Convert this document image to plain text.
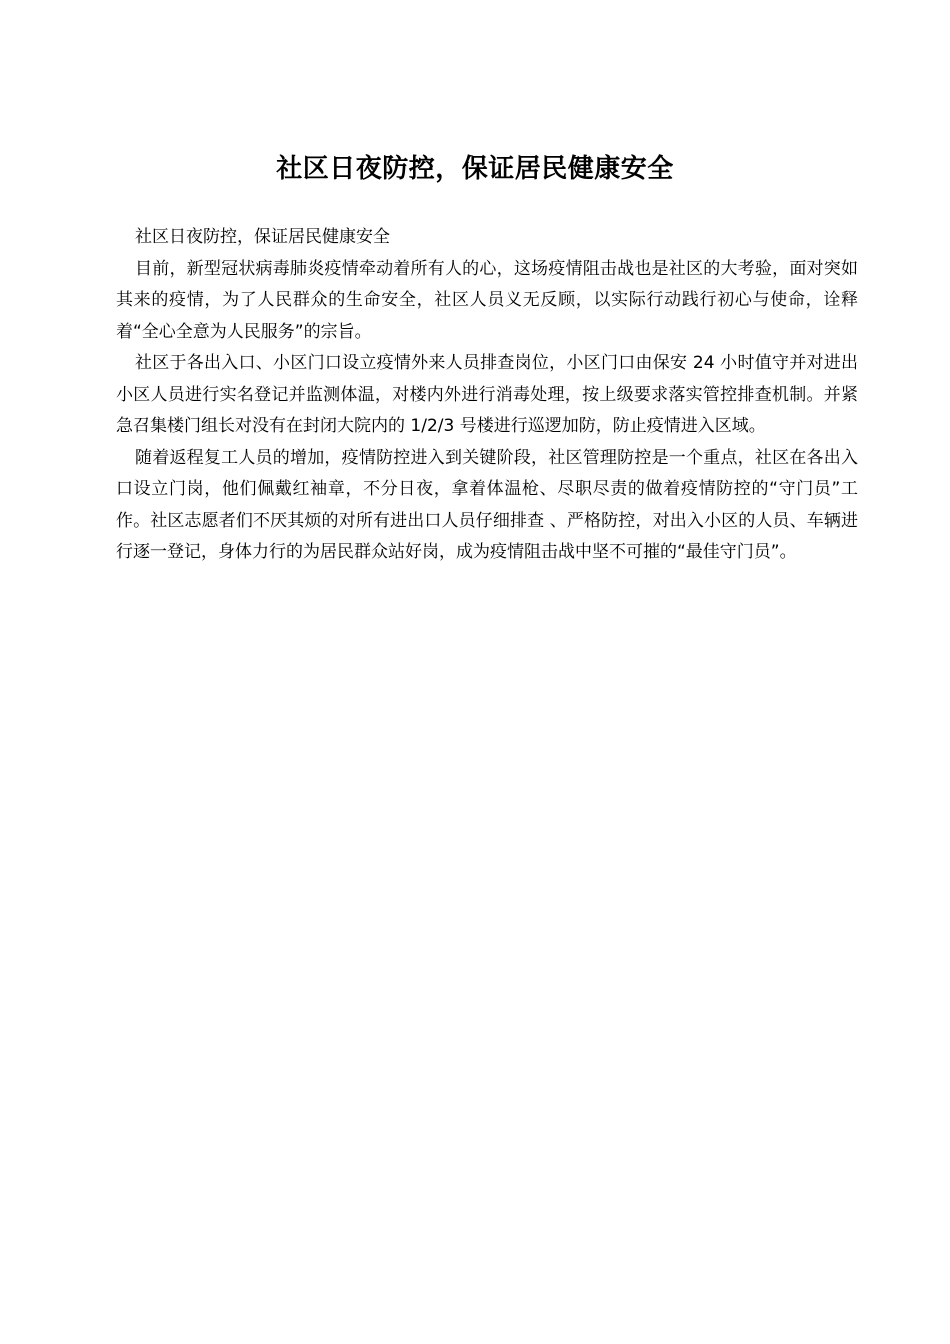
社区日夜防控，保证居民健康安全

社区日夜防控，保证居民健康安全

目前，新型冠状病毒肺炎疫情牵动着所有人的心，这场疫情阻击战也是社区的大考验，面对突如其来的疫情，为了人民群众的生命安全，社区人员义无反顾，以实际行动践行初心与使命，诠释着“全心全意为人民服务”的宗旨。

社区于各出入口、小区门口设立疫情外来人员排查岗位，小区门口由保安 24 小时值守并对进出小区人员进行实名登记并监测体温，对楼内外进行消毒处理，按上级要求落实管控排查机制。并紧急召集楼门组长对没有在封闭大院内的 1/2/3 号楼进行巡逻加防，防止疫情进入区域。

随着返程复工人员的增加，疫情防控进入到关键阶段，社区管理防控是一个重点，社区在各出入口设立门岗，他们佩戴红袖章，不分日夜，拿着体温枪、尽职尽责的做着疫情防控的“守门员”工作。社区志愿者们不厌其烦的对所有进出口人员仔细排查 、严格防控，对出入小区的人员、车辆进行逐一登记，身体力行的为居民群众站好岗，成为疫情阻击战中坚不可摧的“最佳守门员”。
